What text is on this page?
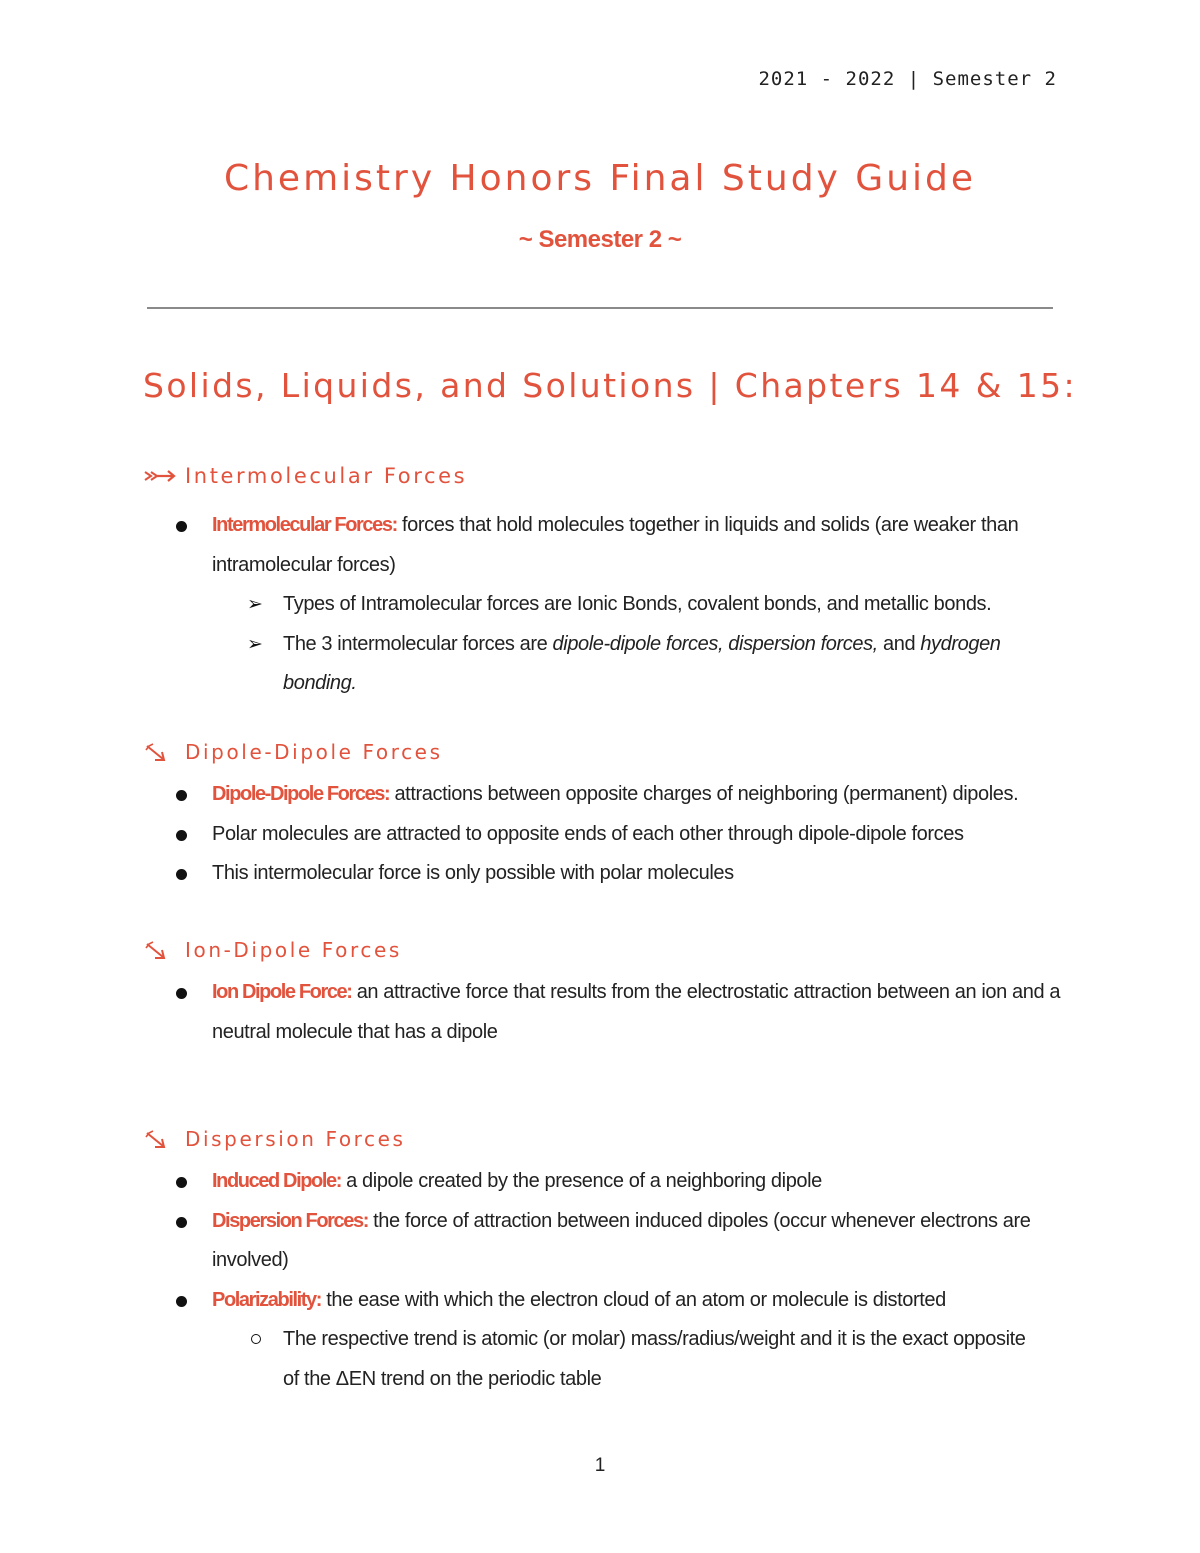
2021 - 2022 | Semester 2
Chemistry Honors Final Study Guide
~ Semester 2 ~
Solids, Liquids, and Solutions | Chapters 14 & 15:
Intermolecular Forces
Intermolecular Forces: forces that hold molecules together in liquids and solids (are weaker than intramolecular forces)
➢ Types of Intramolecular forces are Ionic Bonds, covalent bonds, and metallic bonds.
➢ The 3 intermolecular forces are dipole-dipole forces, dispersion forces, and hydrogen bonding.
Dipole-Dipole Forces
Dipole-Dipole Forces: attractions between opposite charges of neighboring (permanent) dipoles.
Polar molecules are attracted to opposite ends of each other through dipole-dipole forces
This intermolecular force is only possible with polar molecules
Ion-Dipole Forces
Ion Dipole Force: an attractive force that results from the electrostatic attraction between an ion and a neutral molecule that has a dipole
Dispersion Forces
Induced Dipole: a dipole created by the presence of a neighboring dipole
Dispersion Forces: the force of attraction between induced dipoles (occur whenever electrons are involved)
Polarizability: the ease with which the electron cloud of an atom or molecule is distorted
The respective trend is atomic (or molar) mass/radius/weight and it is the exact opposite of the ΔEN trend on the periodic table
1
